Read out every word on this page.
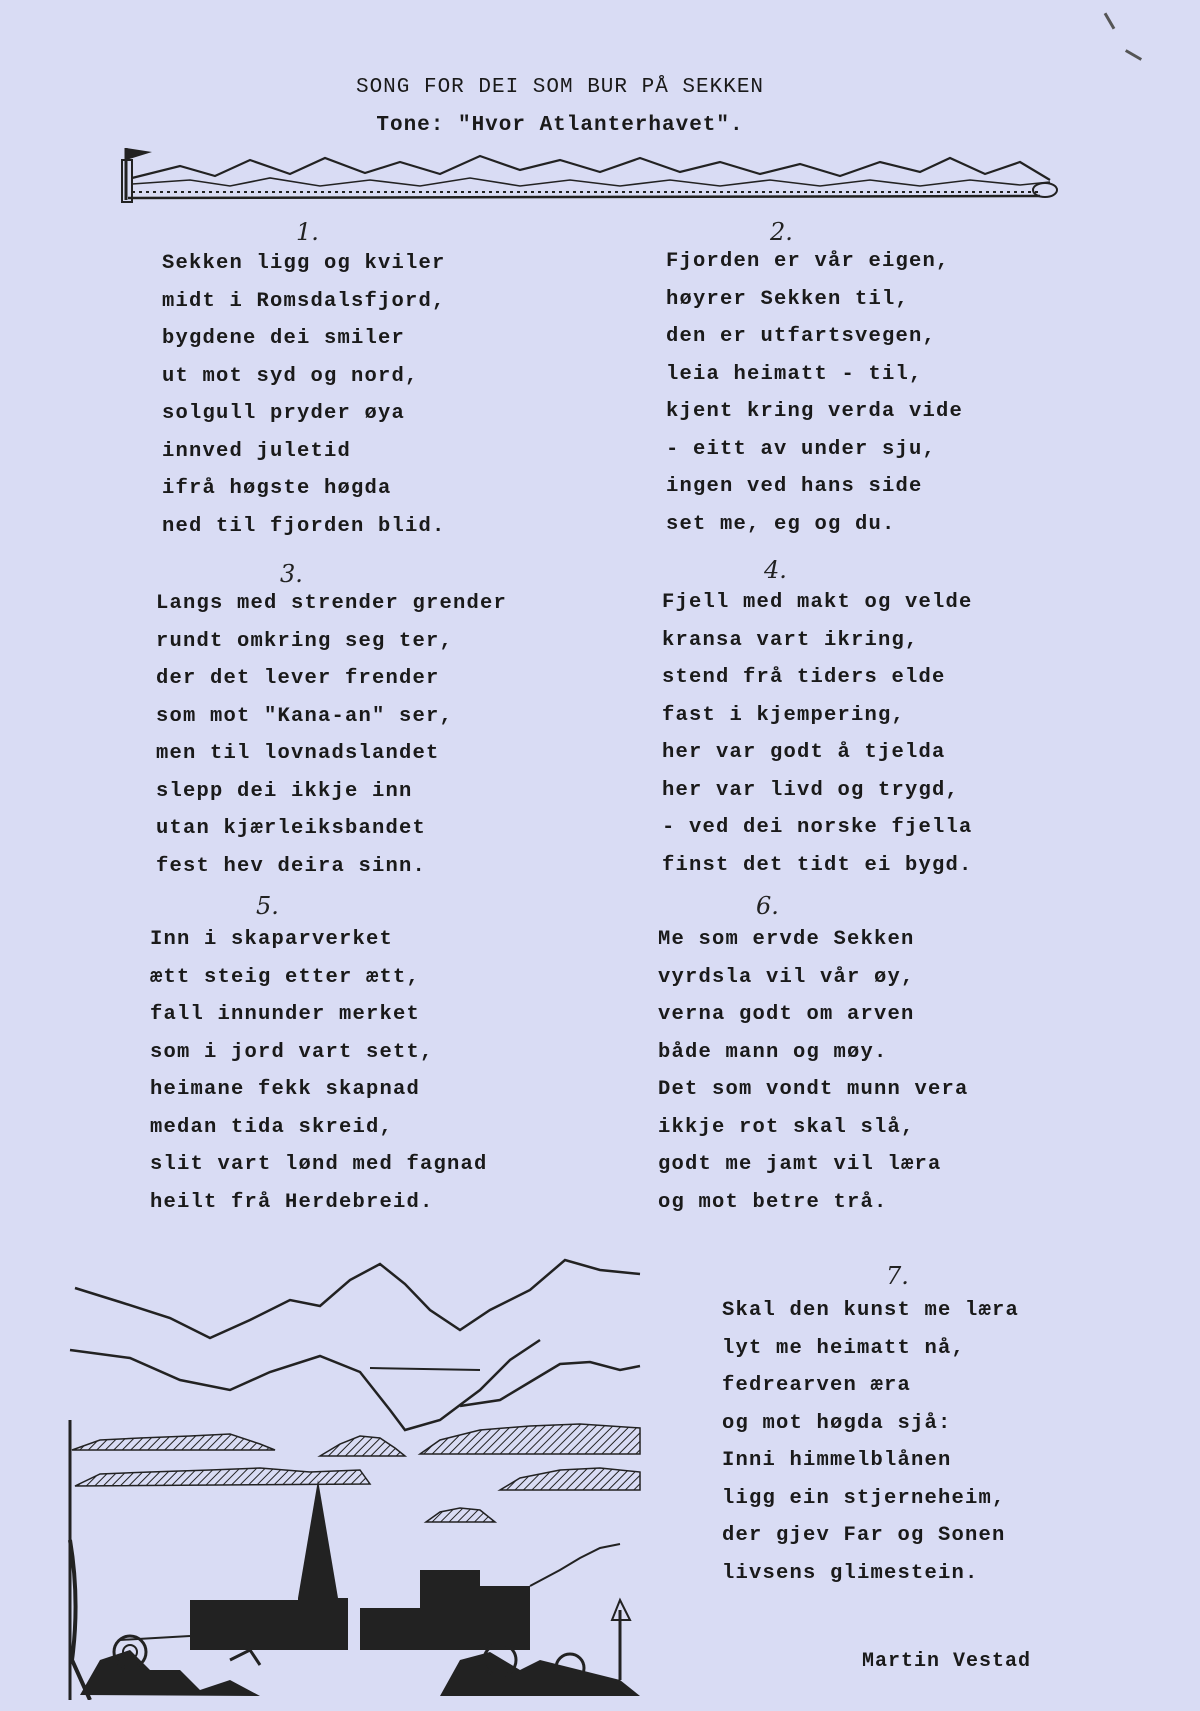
SONG FOR DEI SOM BUR PÅ SEKKEN
Tone: "Hvor Atlanterhavet".
1.
Sekken ligg og kviler
midt i Romsdalsfjord,
bygdene dei smiler
ut mot syd og nord,
solgull pryder øya
innved juletid
ifrå høgste høgda
ned til fjorden blid.
2.
Fjorden er vår eigen,
høyrer Sekken til,
den er utfartsvegen,
leia heimatt - til,
kjent kring verda vide
- eitt av under sju,
ingen ved hans side
set me, eg og du.
3.
Langs med strender grender
rundt omkring seg ter,
der det lever frender
som mot "Kana-an" ser,
men til lovnadslandet
slepp dei ikkje inn
utan kjærleiksbandet
fest hev deira sinn.
4.
Fjell med makt og velde
kransa vart ikring,
stend frå tiders elde
fast i kjempering,
her var godt å tjelda
her var livd og trygd,
- ved dei norske fjella
finst det tidt ei bygd.
5.
Inn i skaparverket
ætt steig etter ætt,
fall innunder merket
som i jord vart sett,
heimane fekk skapnad
medan tida skreid,
slit vart lønd med fagnad
heilt frå Herdebreid.
6.
Me som ervde Sekken
vyrdsla vil vår øy,
verna godt om arven
både mann og møy.
Det som vondt munn vera
ikkje rot skal slå,
godt me jamt vil læra
og mot betre trå.
7.
Skal den kunst me læra
lyt me heimatt nå,
fedrearven æra
og mot høgda sjå:
Inni himmelblånen
ligg ein stjerneheim,
der gjev Far og Sonen
livsens glimestein.
Martin Vestad
